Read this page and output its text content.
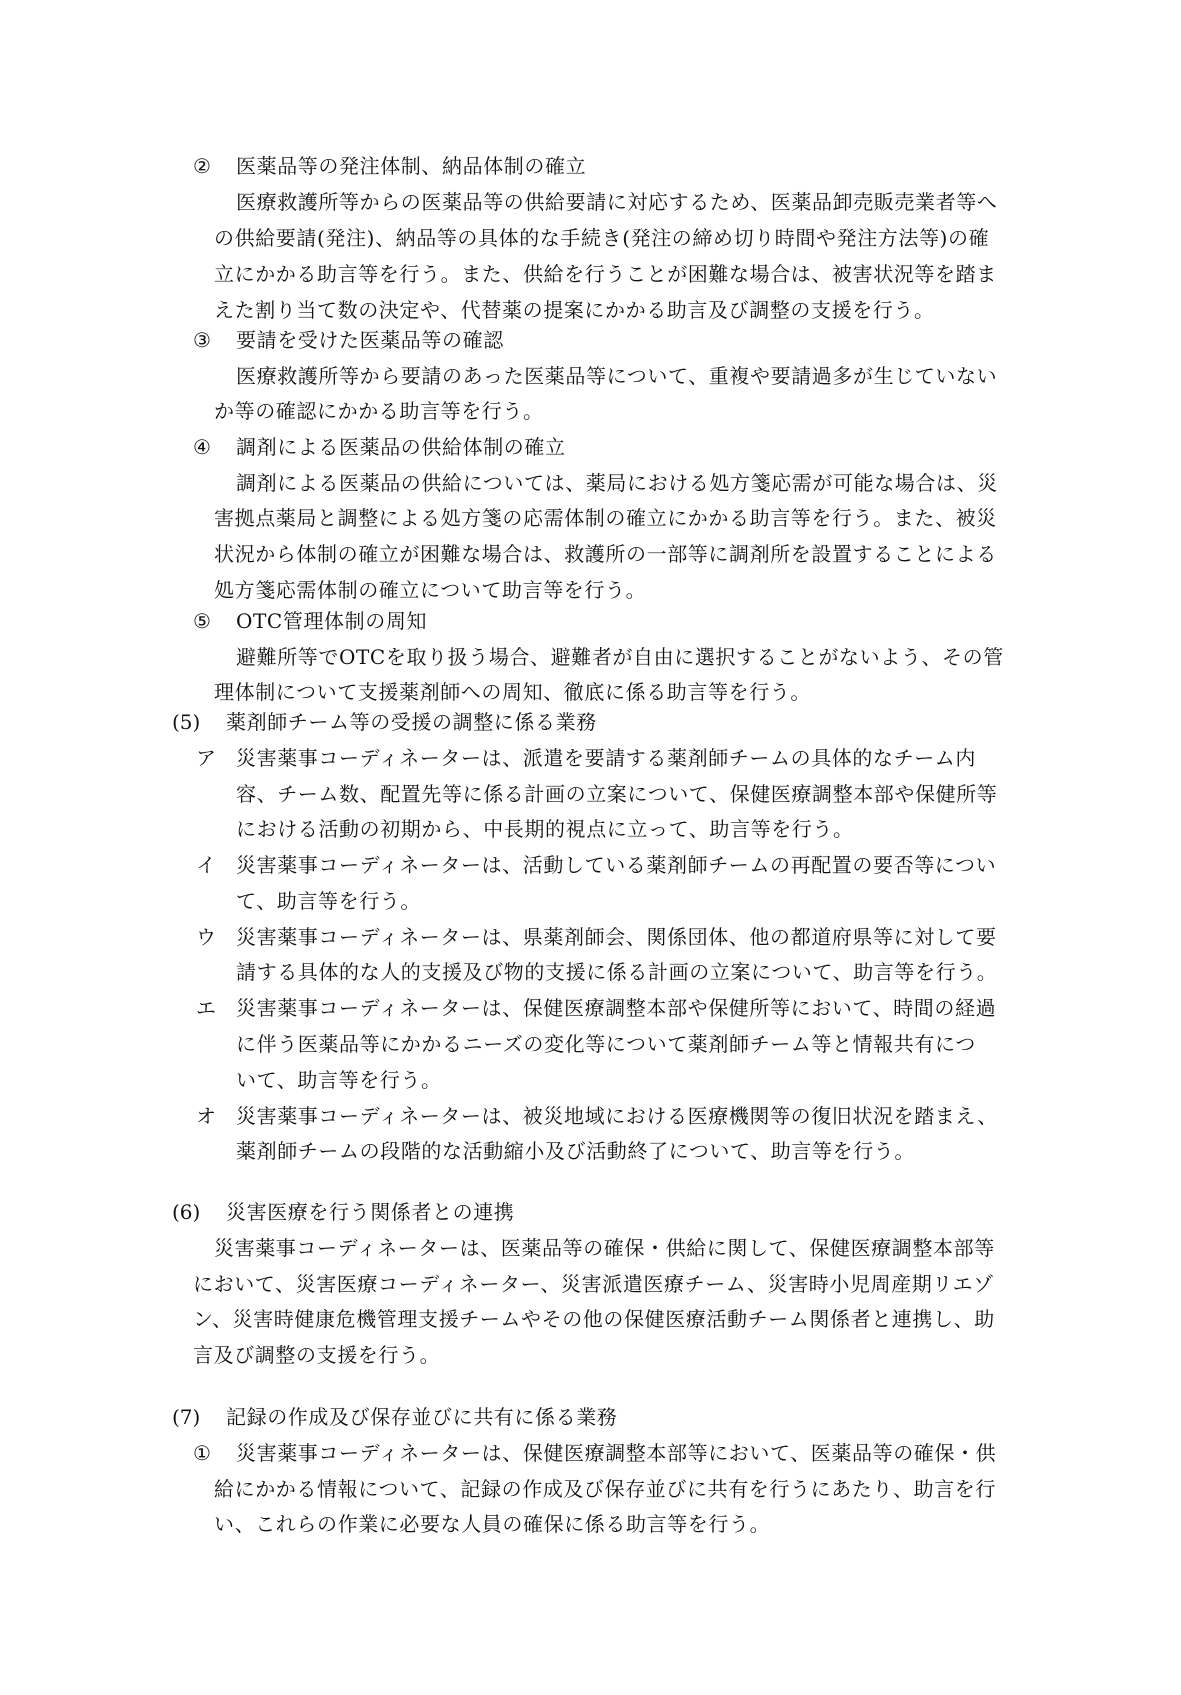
② 医薬品等の発注体制、納品体制の確立

医療救護所等からの医薬品等の供給要請に対応するため、医薬品卸売販売業者等へ

の供給要請(発注)、納品等の具体的な手続き(発注の締め切り時間や発注方法等)の確

立にかかる助言等を行う。また、供給を行うことが困難な場合は、被害状況等を踏ま

えた割り当て数の決定や、代替薬の提案にかかる助言及び調整の支援を行う。

③ 要請を受けた医薬品等の確認

医療救護所等から要請のあった医薬品等について、重複や要請過多が生じていない

か等の確認にかかる助言等を行う。

④ 調剤による医薬品の供給体制の確立

調剤による医薬品の供給については、薬局における処方箋応需が可能な場合は、災

害拠点薬局と調整による処方箋の応需体制の確立にかかる助言等を行う。また、被災

状況から体制の確立が困難な場合は、救護所の一部等に調剤所を設置することによる

処方箋応需体制の確立について助言等を行う。

⑤ OTC管理体制の周知

避難所等でOTCを取り扱う場合、避難者が自由に選択することがないよう、その管

理体制について支援薬剤師への周知、徹底に係る助言等を行う。

(5) 薬剤師チーム等の受援の調整に係る業務

ア 災害薬事コーディネーターは、派遣を要請する薬剤師チームの具体的なチーム内

容、チーム数、配置先等に係る計画の立案について、保健医療調整本部や保健所等

における活動の初期から、中長期的視点に立って、助言等を行う。

イ 災害薬事コーディネーターは、活動している薬剤師チームの再配置の要否等につい

て、助言等を行う。

ウ 災害薬事コーディネーターは、県薬剤師会、関係団体、他の都道府県等に対して要

請する具体的な人的支援及び物的支援に係る計画の立案について、助言等を行う。

エ 災害薬事コーディネーターは、保健医療調整本部や保健所等において、時間の経過

に伴う医薬品等にかかるニーズの変化等について薬剤師チーム等と情報共有につ

いて、助言等を行う。

オ 災害薬事コーディネーターは、被災地域における医療機関等の復旧状況を踏まえ、

薬剤師チームの段階的な活動縮小及び活動終了について、助言等を行う。

(6) 災害医療を行う関係者との連携

災害薬事コーディネーターは、医薬品等の確保・供給に関して、保健医療調整本部等

において、災害医療コーディネーター、災害派遣医療チーム、災害時小児周産期リエゾ

ン、災害時健康危機管理支援チームやその他の保健医療活動チーム関係者と連携し、助

言及び調整の支援を行う。

(7) 記録の作成及び保存並びに共有に係る業務

① 災害薬事コーディネーターは、保健医療調整本部等において、医薬品等の確保・供

給にかかる情報について、記録の作成及び保存並びに共有を行うにあたり、助言を行

い、これらの作業に必要な人員の確保に係る助言等を行う。
